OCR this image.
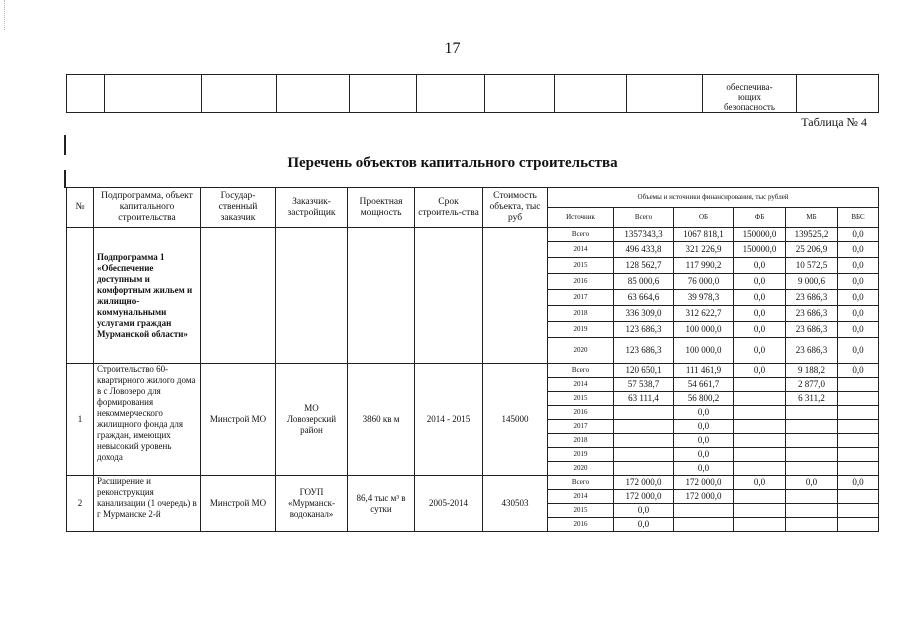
17
									обеспечива-
ющих
безопасность	
Таблица № 4
Перечень объектов капитального строительства
№	Подпрограмма, объект капитального строительства	Государ-ственный заказчик	Заказчик-застройщик	Проектная мощность	Срок строитель-ства	Стоимость объекта, тыс руб	Объемы и источники финансирования, тыс рублей					
							Источник	Всего	ОБ	ФБ	МБ	ВБС
	Подпрограмма 1 «Обеспечение доступным и комфортным жильем и жилищно-коммунальными услугами граждан Мурманской области»						Всего	1357343,3	1067 818,1	150000,0	139525,2	0,0
							2014	496 433,8	321 226,9	150000,0	25 206,9	0,0
							2015	128 562,7	117 990,2	0,0	10 572,5	0,0
							2016	85 000,6	76 000,0	0,0	9 000,6	0,0
							2017	63 664,6	39 978,3	0,0	23 686,3	0,0
							2018	336 309,0	312 622,7	0,0	23 686,3	0,0
							2019	123 686,3	100 000,0	0,0	23 686,3	0,0
							2020	123 686,3	100 000,0	0,0	23 686,3	0,0
1	Строительство 60-квартирного жилого дома в с Ловозеро для формирования некоммерческого жилищного фонда для граждан, имеющих невысокий уровень дохода	Минстрой МО	МО Ловозерский район	3860 кв м	2014 - 2015	145000	Всего	120 650,1	111 461,9	0,0	9 188,2	0,0
							2014	57 538,7	54 661,7		2 877,0	
							2015	63 111,4	56 800,2		6 311,2	
							2016		0,0			
							2017		0,0			
							2018		0,0			
							2019		0,0			
							2020		0,0			
2	Расширение и реконструкция канализации (1 очередь) в г Мурманске 2-й	Минстрой МО	ГОУП «Мурманск-водоканал»	86,4 тыс м³ в сутки	2005-2014	430503	Всего	172 000,0	172 000,0	0,0	0,0	0,0
							2014	172 000,0	172 000,0			
							2015	0,0				
							2016	0,0				
